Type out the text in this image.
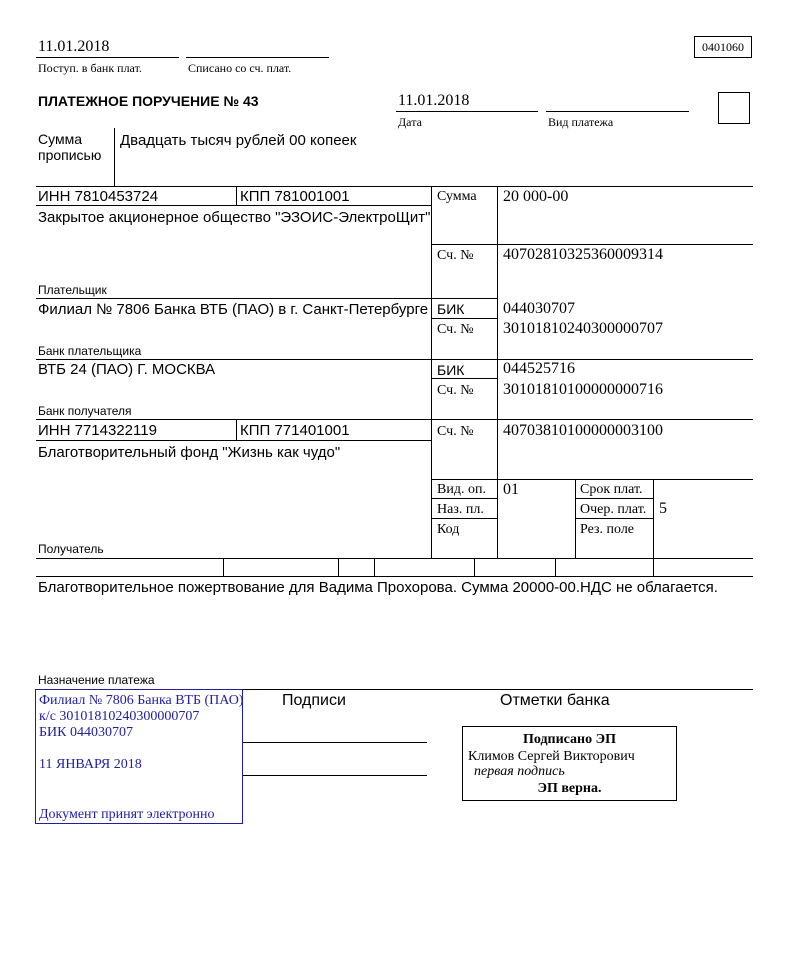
11.01.2018
Поступ. в банк плат.	Списано со сч. плат.
0401060
ПЛАТЕЖНОЕ ПОРУЧЕНИЕ № 43	11.01.2018
Дата	Вид платежа
Сумма
прописью
Двадцать тысяч рублей 00 копеек
ИНН 7810453724	КПП 781001001
Закрытое акционерное общество "ЭЗОИС-ЭлектроЩит"
Плательщик
Сумма 20 000-00
Сч. № 40702810325360009314
Филиал № 7806 Банка ВТБ (ПАО) в г. Санкт-Петербурге
Банк плательщика
БИК 044030707
Сч. № 30101810240300000707
ВТБ 24 (ПАО) Г. МОСКВА
Банк получателя
БИК 044525716
Сч. № 30101810100000000716
ИНН 7714322119	КПП 771401001	Сч. № 40703810100000003100
Благотворительный фонд "Жизнь как чудо"
Получатель
Вид. оп. 01
Наз. пл.
Код
Срок плат.
Очер. плат. 5
Рез. поле
Благотворительное пожертвование для Вадима Прохорова. Сумма 20000-00.НДС не облагается.
Назначение платежа
Филиал № 7806 Банка ВТБ (ПАО)
к/с 30101810240300000707
БИК 044030707
11 ЯНВАРЯ 2018
Документ принят электронно
Подписи	Отметки банка
Подписано ЭП
Климов Сергей Викторович первая подпись
ЭП верна.
